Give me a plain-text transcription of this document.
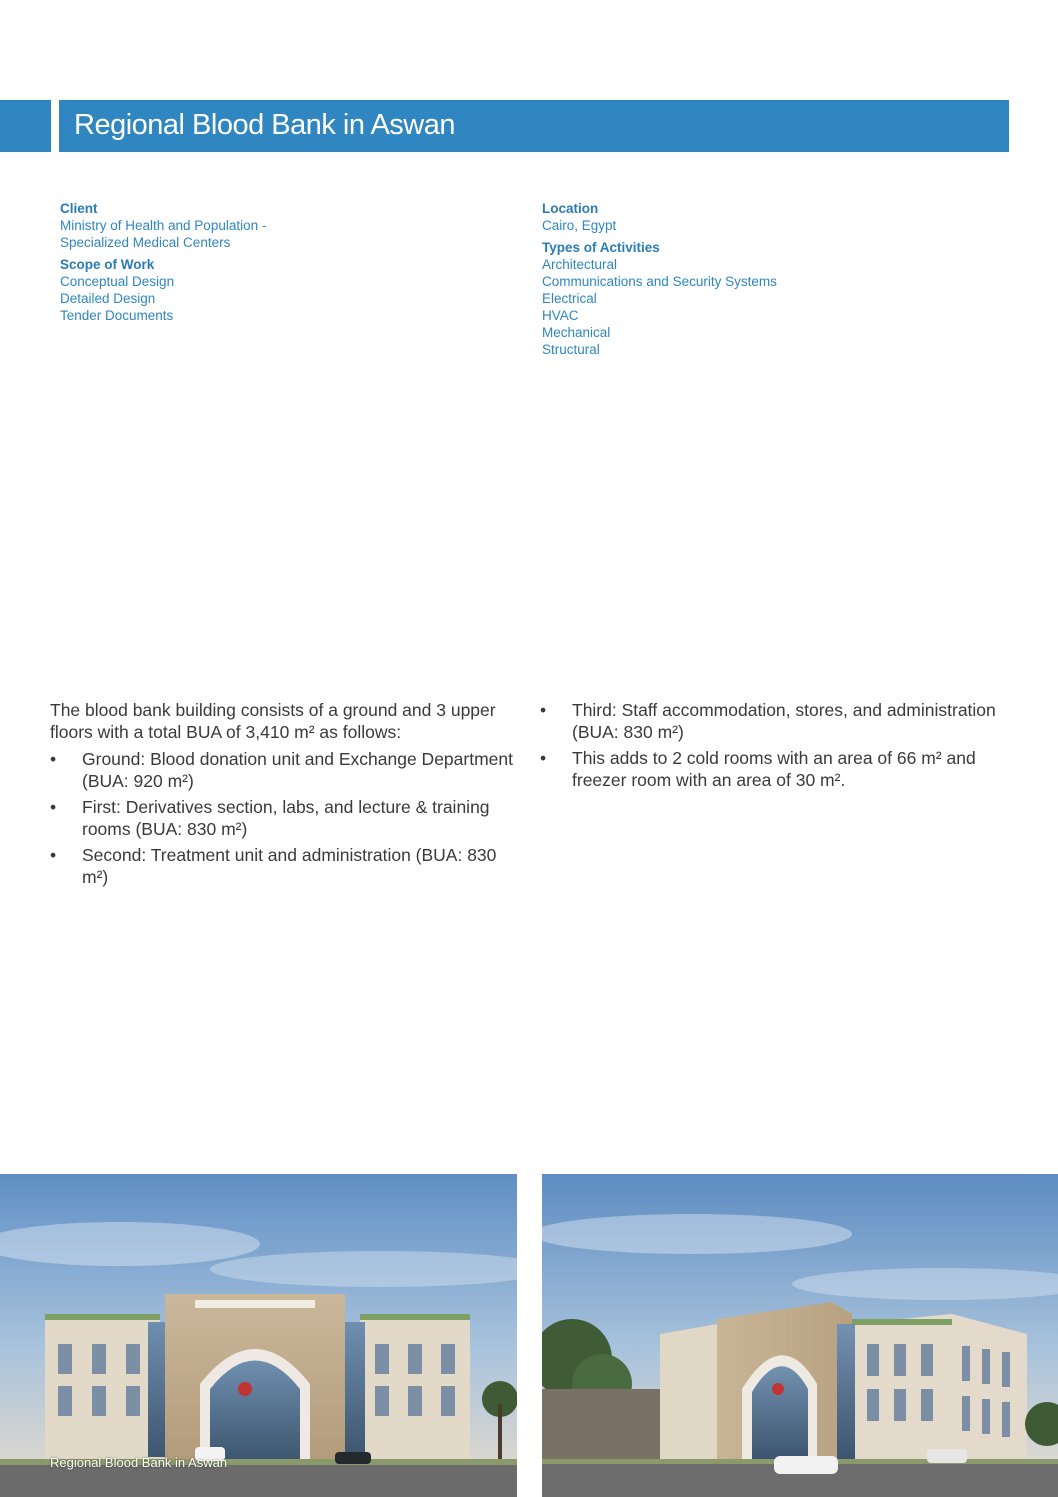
Regional Blood Bank in Aswan
Client
Ministry of Health and Population -
Specialized Medical Centers
Scope of Work
Conceptual Design
Detailed Design
Tender Documents
Location
Cairo, Egypt
Types of Activities
Architectural
Communications and Security Systems
Electrical
HVAC
Mechanical
Structural

The blood bank building consists of a ground and 3 upper floors with a total BUA of 3,410 m² as follows:

• Ground: Blood donation unit and Exchange Department (BUA: 920 m²)
• First: Derivatives section, labs, and lecture & training rooms (BUA: 830 m²)
• Second: Treatment unit and administration (BUA: 830 m²)
• Third: Staff accommodation, stores, and administration (BUA: 830 m²)
• This adds to 2 cold rooms with an area of 66 m² and freezer room with an area of 30 m².
Regional Blood Bank in Aswan
